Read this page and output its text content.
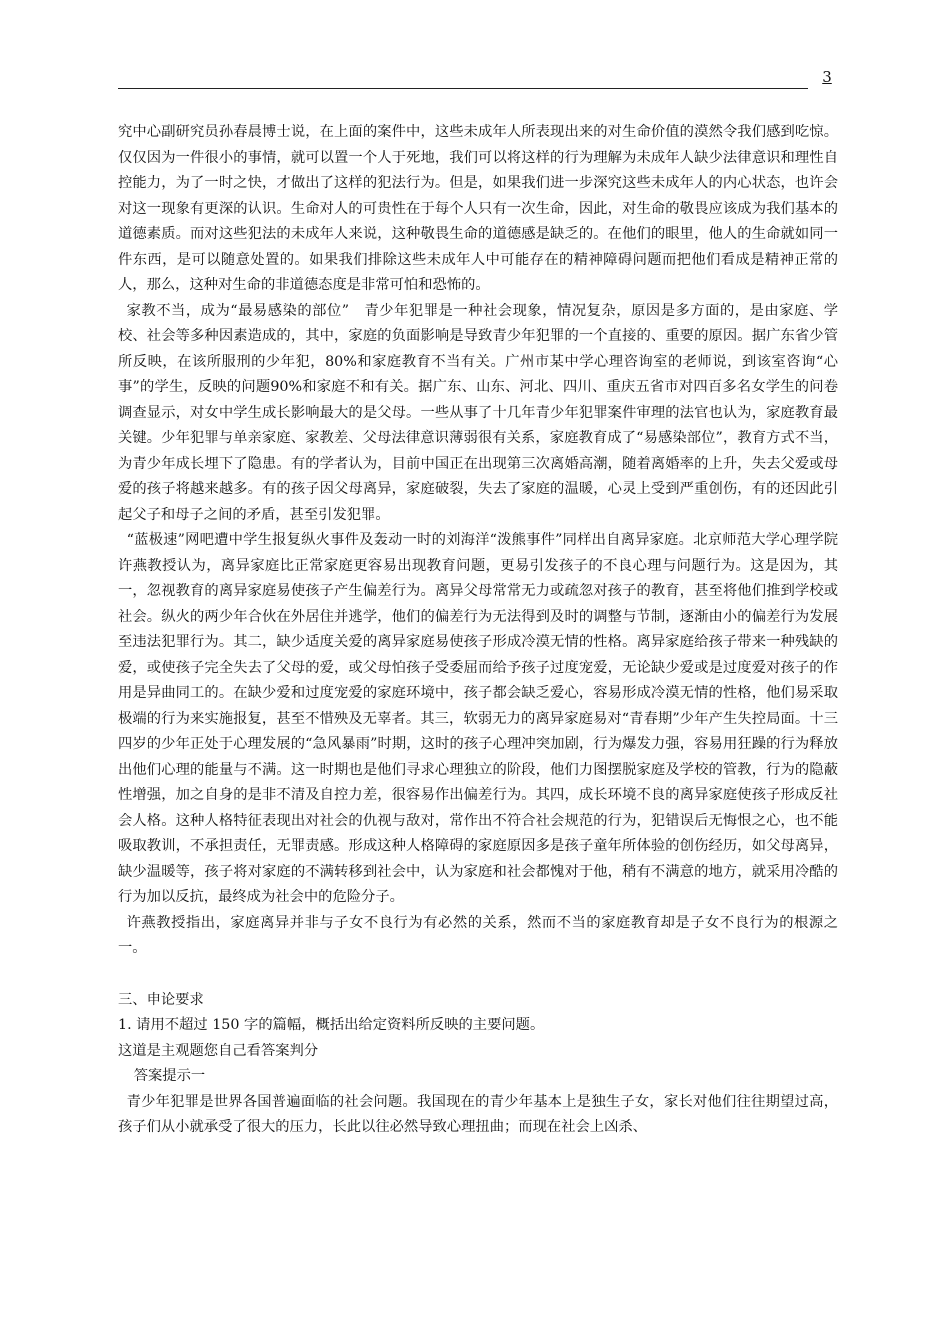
3

究中心副研究员孙春晨博士说，在上面的案件中，这些未成年人所表现出来的对生命价值的漠然令我们感到吃惊。仅仅因为一件很小的事情，就可以置一个人于死地，我们可以将这样的行为理解为未成年人缺少法律意识和理性自控能力，为了一时之快，才做出了这样的犯法行为。但是，如果我们进一步深究这些未成年人的内心状态，也许会对这一现象有更深的认识。生命对人的可贵性在于每个人只有一次生命，因此，对生命的敬畏应该成为我们基本的道德素质。而对这些犯法的未成年人来说，这种敬畏生命的道德感是缺乏的。在他们的眼里，他人的生命就如同一件东西，是可以随意处置的。如果我们排除这些未成年人中可能存在的精神障碍问题而把他们看成是精神正常的人，那么，这种对生命的非道德态度是非常可怕和恐怖的。

家教不当，成为“最易感染的部位”　青少年犯罪是一种社会现象，情况复杂，原因是多方面的，是由家庭、学校、社会等多种因素造成的，其中，家庭的负面影响是导致青少年犯罪的一个直接的、重要的原因。据广东省少管所反映，在该所服刑的少年犯，80%和家庭教育不当有关。广州市某中学心理咨询室的老师说，到该室咨询“心事”的学生，反映的问题90%和家庭不和有关。据广东、山东、河北、四川、重庆五省市对四百多名女学生的问卷调查显示，对女中学生成长影响最大的是父母。一些从事了十几年青少年犯罪案件审理的法官也认为，家庭教育最关键。少年犯罪与单亲家庭、家教差、父母法律意识薄弱很有关系，家庭教育成了“易感染部位”，教育方式不当，为青少年成长埋下了隐患。有的学者认为，目前中国正在出现第三次离婚高潮，随着离婚率的上升，失去父爱或母爱的孩子将越来越多。有的孩子因父母离异，家庭破裂，失去了家庭的温暖，心灵上受到严重创伤，有的还因此引起父子和母子之间的矛盾，甚至引发犯罪。

“蓝极速”网吧遭中学生报复纵火事件及轰动一时的刘海洋“泼熊事件”同样出自离异家庭。北京师范大学心理学院许燕教授认为，离异家庭比正常家庭更容易出现教育问题，更易引发孩子的不良心理与问题行为。这是因为，其一，忽视教育的离异家庭易使孩子产生偏差行为。离异父母常常无力或疏忽对孩子的教育，甚至将他们推到学校或社会。纵火的两少年合伙在外居住并逃学，他们的偏差行为无法得到及时的调整与节制，逐渐由小的偏差行为发展至违法犯罪行为。其二，缺少适度关爱的离异家庭易使孩子形成冷漠无情的性格。离异家庭给孩子带来一种残缺的爱，或使孩子完全失去了父母的爱，或父母怕孩子受委屈而给予孩子过度宠爱，无论缺少爱或是过度爱对孩子的作用是异曲同工的。在缺少爱和过度宠爱的家庭环境中，孩子都会缺乏爱心，容易形成冷漠无情的性格，他们易采取极端的行为来实施报复，甚至不惜殃及无辜者。其三，软弱无力的离异家庭易对“青春期”少年产生失控局面。十三四岁的少年正处于心理发展的“急风暴雨”时期，这时的孩子心理冲突加剧，行为爆发力强，容易用狂躁的行为释放出他们心理的能量与不满。这一时期也是他们寻求心理独立的阶段，他们力图摆脱家庭及学校的管教，行为的隐蔽性增强，加之自身的是非不清及自控力差，很容易作出偏差行为。其四，成长环境不良的离异家庭使孩子形成反社会人格。这种人格特征表现出对社会的仇视与敌对，常作出不符合社会规范的行为，犯错误后无悔恨之心，也不能吸取教训，不承担责任，无罪责感。形成这种人格障碍的家庭原因多是孩子童年所体验的创伤经历，如父母离异，缺少温暖等，孩子将对家庭的不满转移到社会中，认为家庭和社会都愧对于他，稍有不满意的地方，就采用冷酷的行为加以反抗，最终成为社会中的危险分子。

许燕教授指出，家庭离异并非与子女不良行为有必然的关系，然而不当的家庭教育却是子女不良行为的根源之一。

三、申论要求

1. 请用不超过 150 字的篇幅，概括出给定资料所反映的主要问题。

这道是主观题您自己看答案判分

答案提示一

青少年犯罪是世界各国普遍面临的社会问题。我国现在的青少年基本上是独生子女，家长对他们往往期望过高，孩子们从小就承受了很大的压力，长此以往必然导致心理扭曲；而现在社会上凶杀、
